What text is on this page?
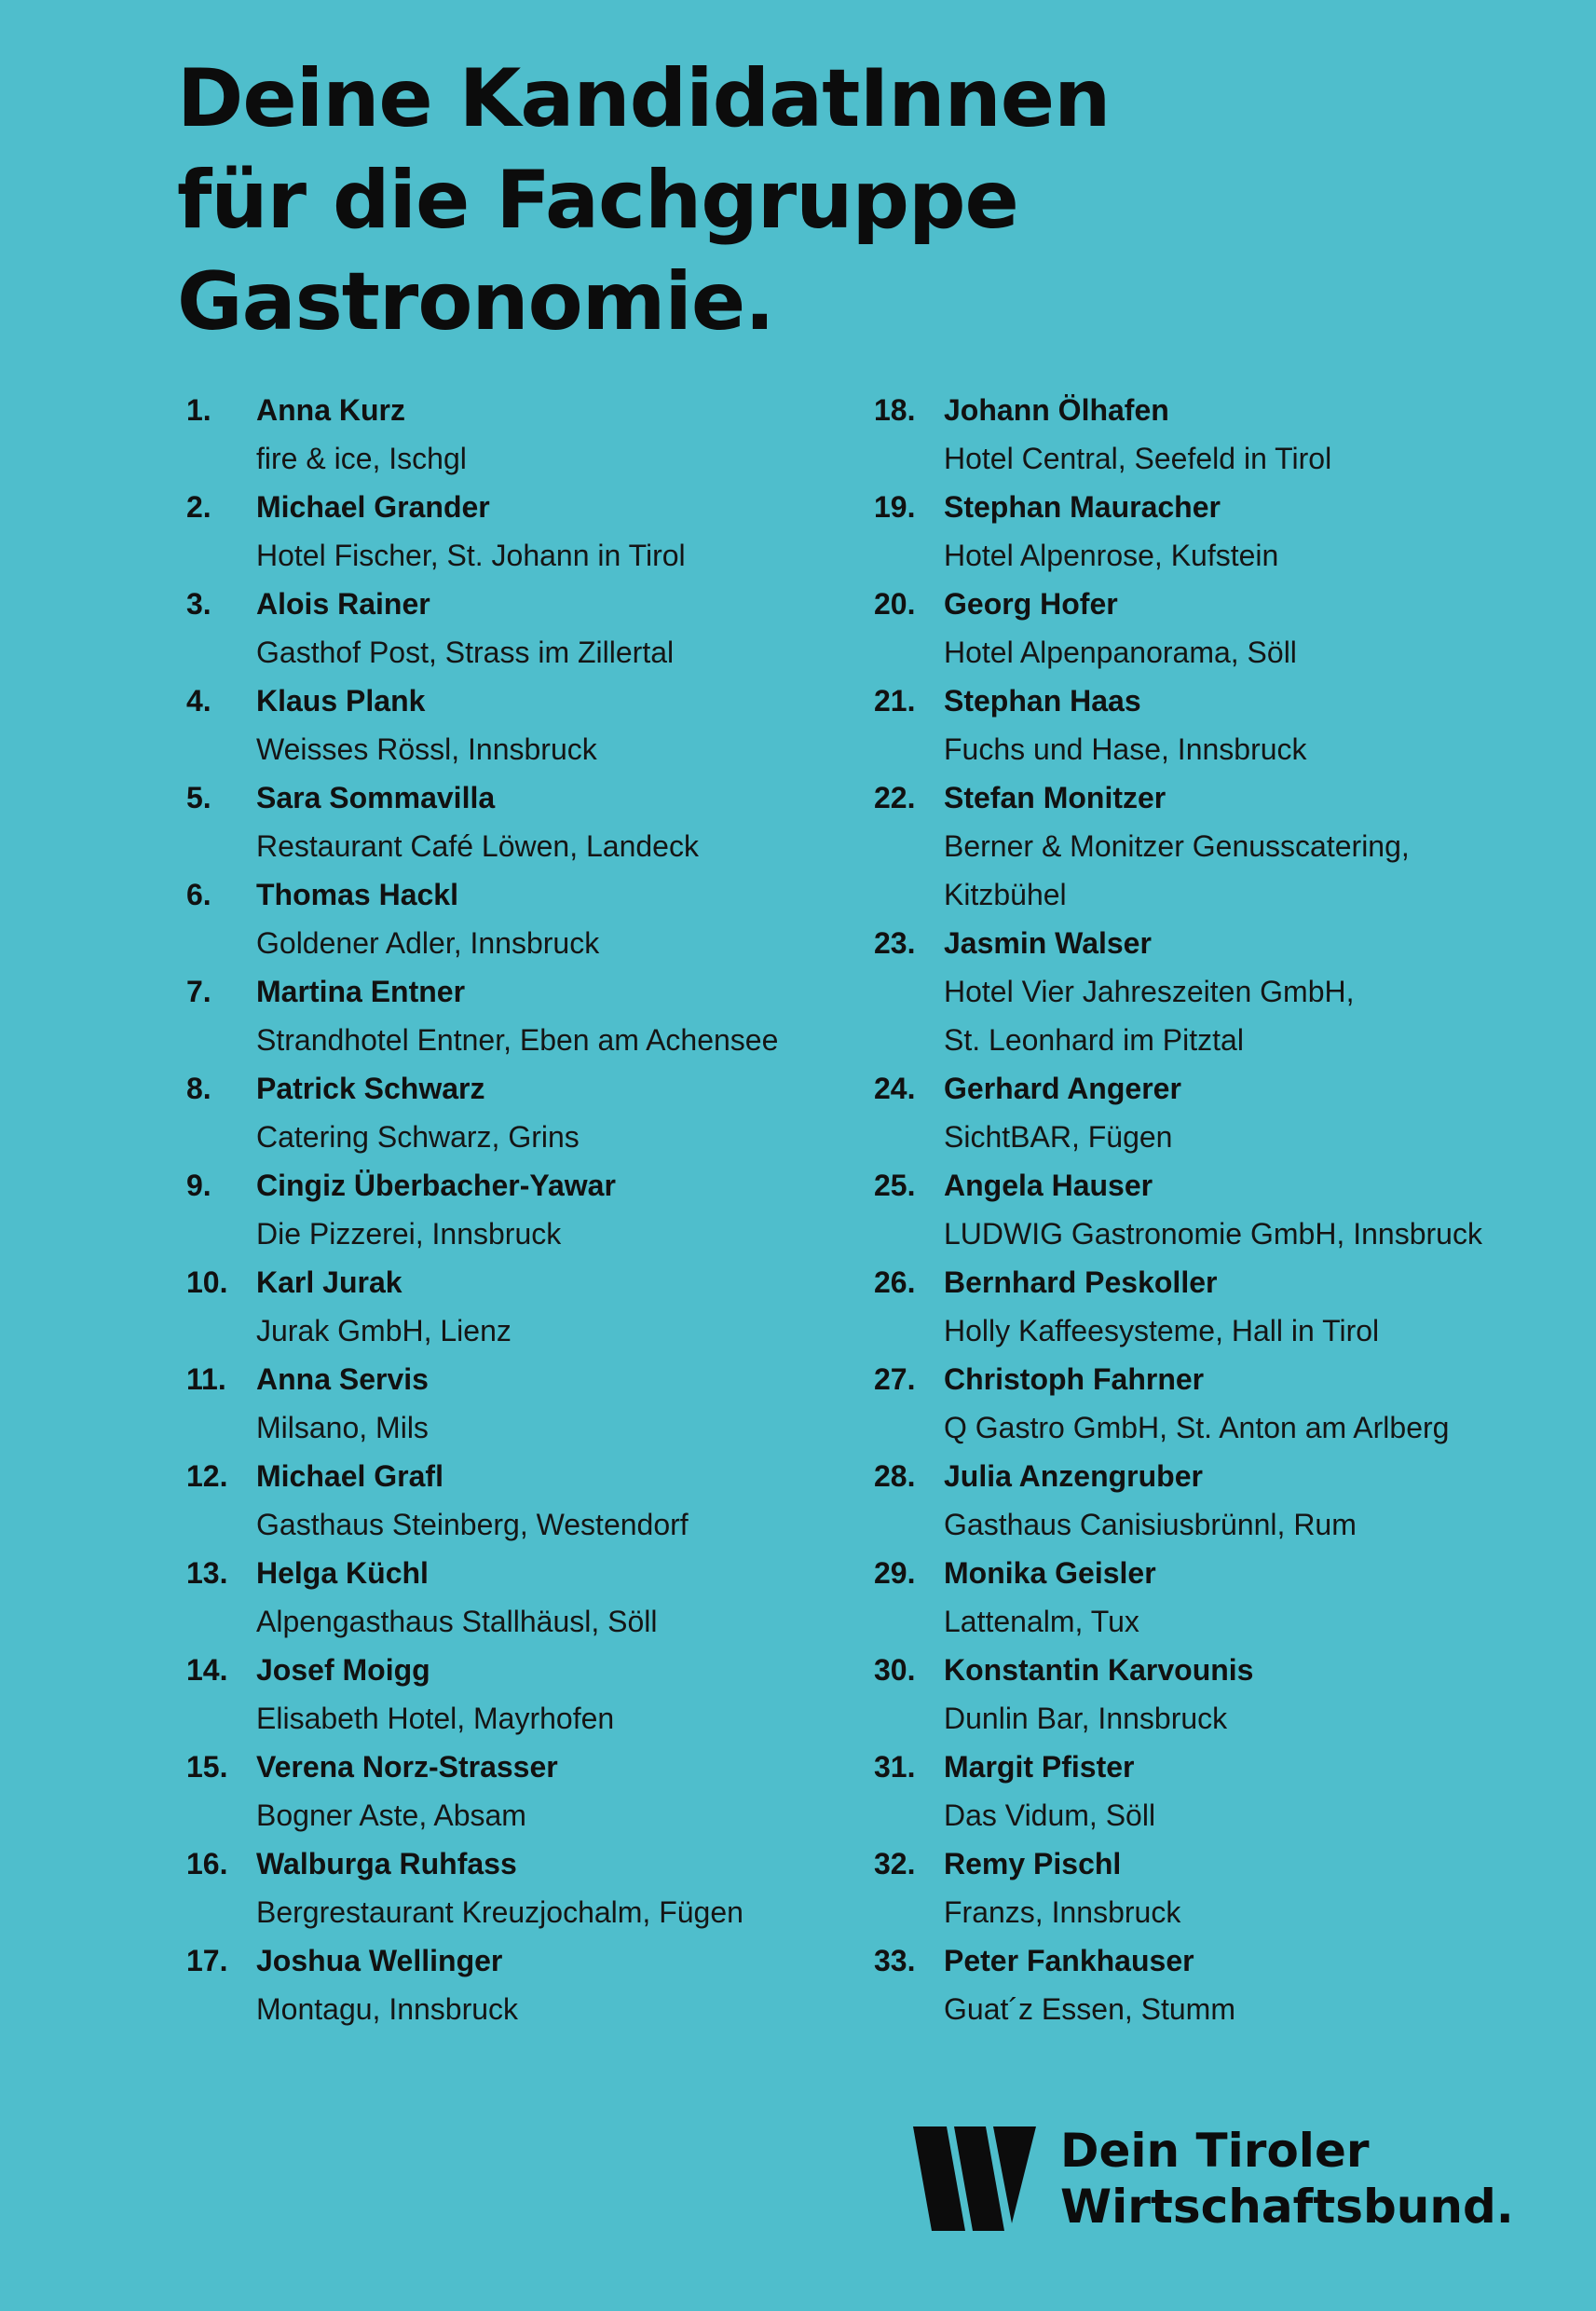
Deine KandidatInnen
für die Fachgruppe
Gastronomie.
1.	Anna Kurz
fire & ice, Ischgl
2.	Michael Grander
Hotel Fischer, St. Johann in Tirol
3.	Alois Rainer
Gasthof Post, Strass im Zillertal
4.	Klaus Plank
Weisses Rössl, Innsbruck
5.	Sara Sommavilla
Restaurant Café Löwen, Landeck
6.	Thomas Hackl
Goldener Adler, Innsbruck
7.	Martina Entner
Strandhotel Entner, Eben am Achensee
8.	Patrick Schwarz
Catering Schwarz, Grins
9.	Cingiz Überbacher-Yawar
Die Pizzerei, Innsbruck
10. Karl Jurak
Jurak GmbH, Lienz
11.	Anna Servis
Milsano, Mils
12. Michael Grafl
Gasthaus Steinberg, Westendorf
13. Helga Küchl
Alpengasthaus Stallhäusl, Söll
14. Josef Moigg
Elisabeth Hotel, Mayrhofen
15. Verena Norz-Strasser
Bogner Aste, Absam
16. Walburga Ruhfass
Bergrestaurant Kreuzjochalm, Fügen
17. Joshua Wellinger
Montagu, Innsbruck
18. Johann Ölhafen
Hotel Central, Seefeld in Tirol
19. Stephan Mauracher
Hotel Alpenrose, Kufstein
20. Georg Hofer
Hotel Alpenpanorama, Söll
21. Stephan Haas
Fuchs und Hase, Innsbruck
22. Stefan Monitzer
Berner & Monitzer Genusscatering,
Kitzbühel
23. Jasmin Walser
Hotel Vier Jahreszeiten GmbH,
St. Leonhard im Pitztal
24. Gerhard Angerer
SichtBAR, Fügen
25. Angela Hauser
LUDWIG Gastronomie GmbH, Innsbruck
26. Bernhard Peskoller
Holly Kaffeesysteme, Hall in Tirol
27. Christoph Fahrner
Q Gastro GmbH, St. Anton am Arlberg
28. Julia Anzengruber
Gasthaus Canisiusbrünnl, Rum
29. Monika Geisler
Lattenalm, Tux
30. Konstantin Karvounis
Dunlin Bar, Innsbruck
31. Margit Pfister
Das Vidum, Söll
32. Remy Pischl
Franzs, Innsbruck
33. Peter Fankhauser
Guat´z Essen, Stumm
Dein Tiroler
Wirtschaftsbund.
